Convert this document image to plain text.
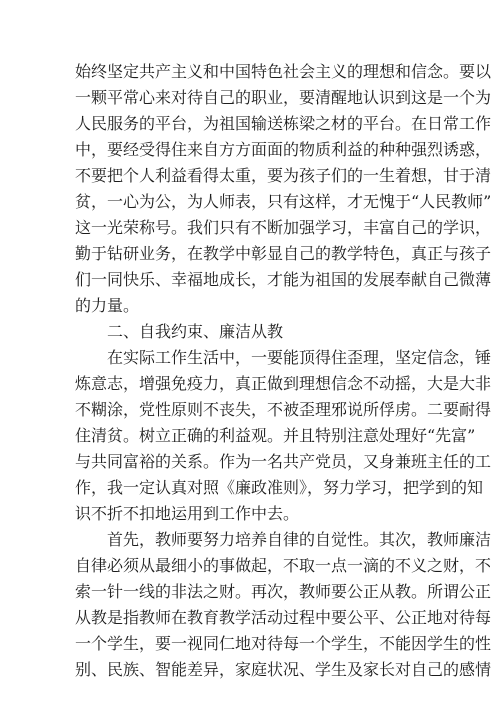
始终坚定共产主义和中国特色社会主义的理想和信念。要以
一颗平常心来对待自己的职业，要清醒地认识到这是一个为
人民服务的平台，为祖国输送栋梁之材的平台。在日常工作
中，要经受得住来自方方面面的物质利益的种种强烈诱惑，
不要把个人利益看得太重，要为孩子们的一生着想，甘于清
贫，一心为公，为人师表，只有这样，才无愧于“人民教师”
这一光荣称号。我们只有不断加强学习，丰富自己的学识，
勤于钻研业务，在教学中彰显自己的教学特色，真正与孩子
们一同快乐、幸福地成长，才能为祖国的发展奉献自己微薄
的力量。
二、自我约束、廉洁从教
在实际工作生活中，一要能顶得住歪理，坚定信念，锤
炼意志，增强免疫力，真正做到理想信念不动摇，大是大非
不糊涂，党性原则不丧失，不被歪理邪说所俘虏。二要耐得
住清贫。树立正确的利益观。并且特别注意处理好“先富”
与共同富裕的关系。作为一名共产党员，又身兼班主任的工
作，我一定认真对照《廉政准则》，努力学习，把学到的知
识不折不扣地运用到工作中去。
首先，教师要努力培养自律的自觉性。其次，教师廉洁
自律必须从最细小的事做起，不取一点一滴的不义之财，不
索一针一线的非法之财。再次，教师要公正从教。所谓公正
从教是指教师在教育教学活动过程中要公平、公正地对待每
一个学生，要一视同仁地对待每一个学生，不能因学生的性
别、民族、智能差异，家庭状况、学生及家长对自己的感情
